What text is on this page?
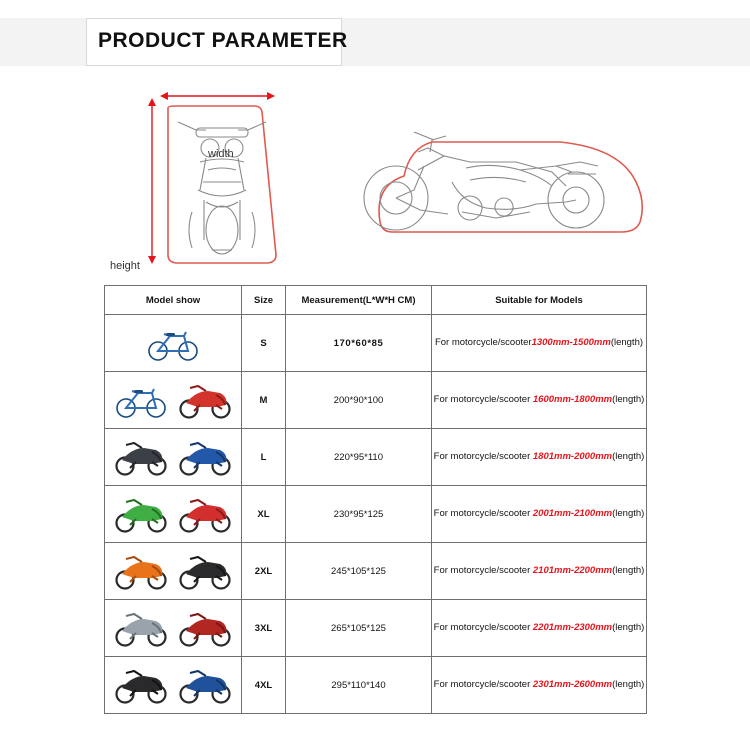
PRODUCT PARAMETER
width
height
Model show	Size	Measurement(L*W*H CM)	Suitable for Models

	S	170*60*85	For motorcycle/scooter1300mm-1500mm(length)

	M	200*90*100	For motorcycle/scooter 1600mm-1800mm(length)

	L	220*95*110	For motorcycle/scooter 1801mm-2000mm(length)

	XL	230*95*125	For motorcycle/scooter 2001mm-2100mm(length)

	2XL	245*105*125	For motorcycle/scooter 2101mm-2200mm(length)

	3XL	265*105*125	For motorcycle/scooter 2201mm-2300mm(length)

	4XL	295*110*140	For motorcycle/scooter 2301mm-2600mm(length)
